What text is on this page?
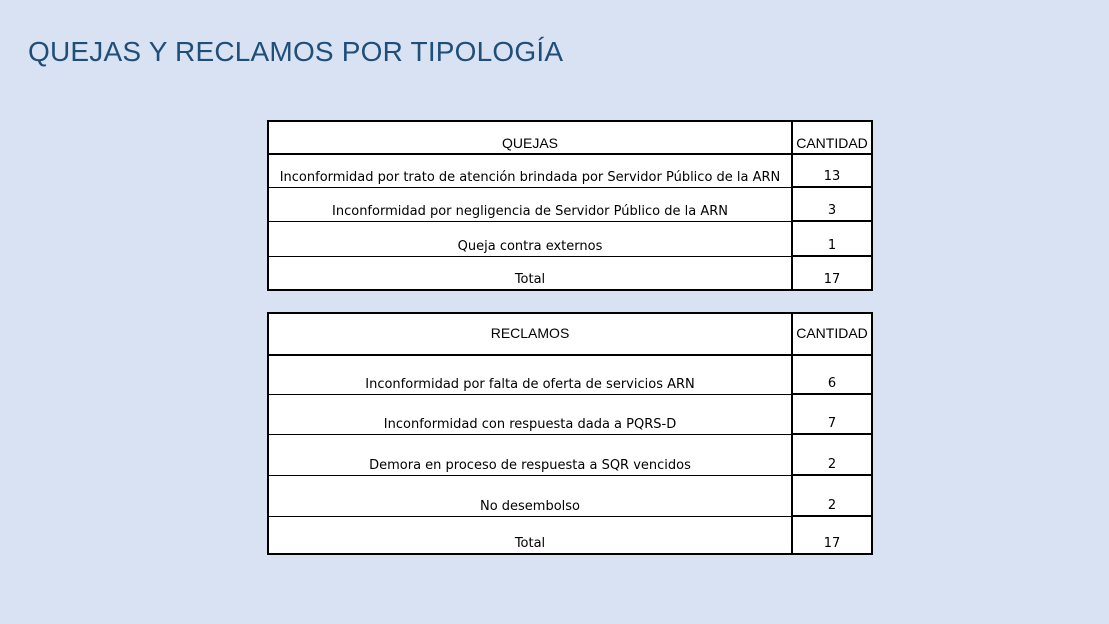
QUEJAS Y RECLAMOS POR TIPOLOGÍA
QUEJAS	CANTIDAD
Inconformidad por trato de atención brindada por Servidor Público de la ARN	13
Inconformidad por negligencia de Servidor Público de la ARN	3
Queja contra externos	1
Total	17
RECLAMOS	CANTIDAD
Inconformidad por falta de oferta de servicios ARN	6
Inconformidad con respuesta dada a PQRS-D	7
Demora en proceso de respuesta a SQR vencidos	2
No desembolso	2
Total	17
